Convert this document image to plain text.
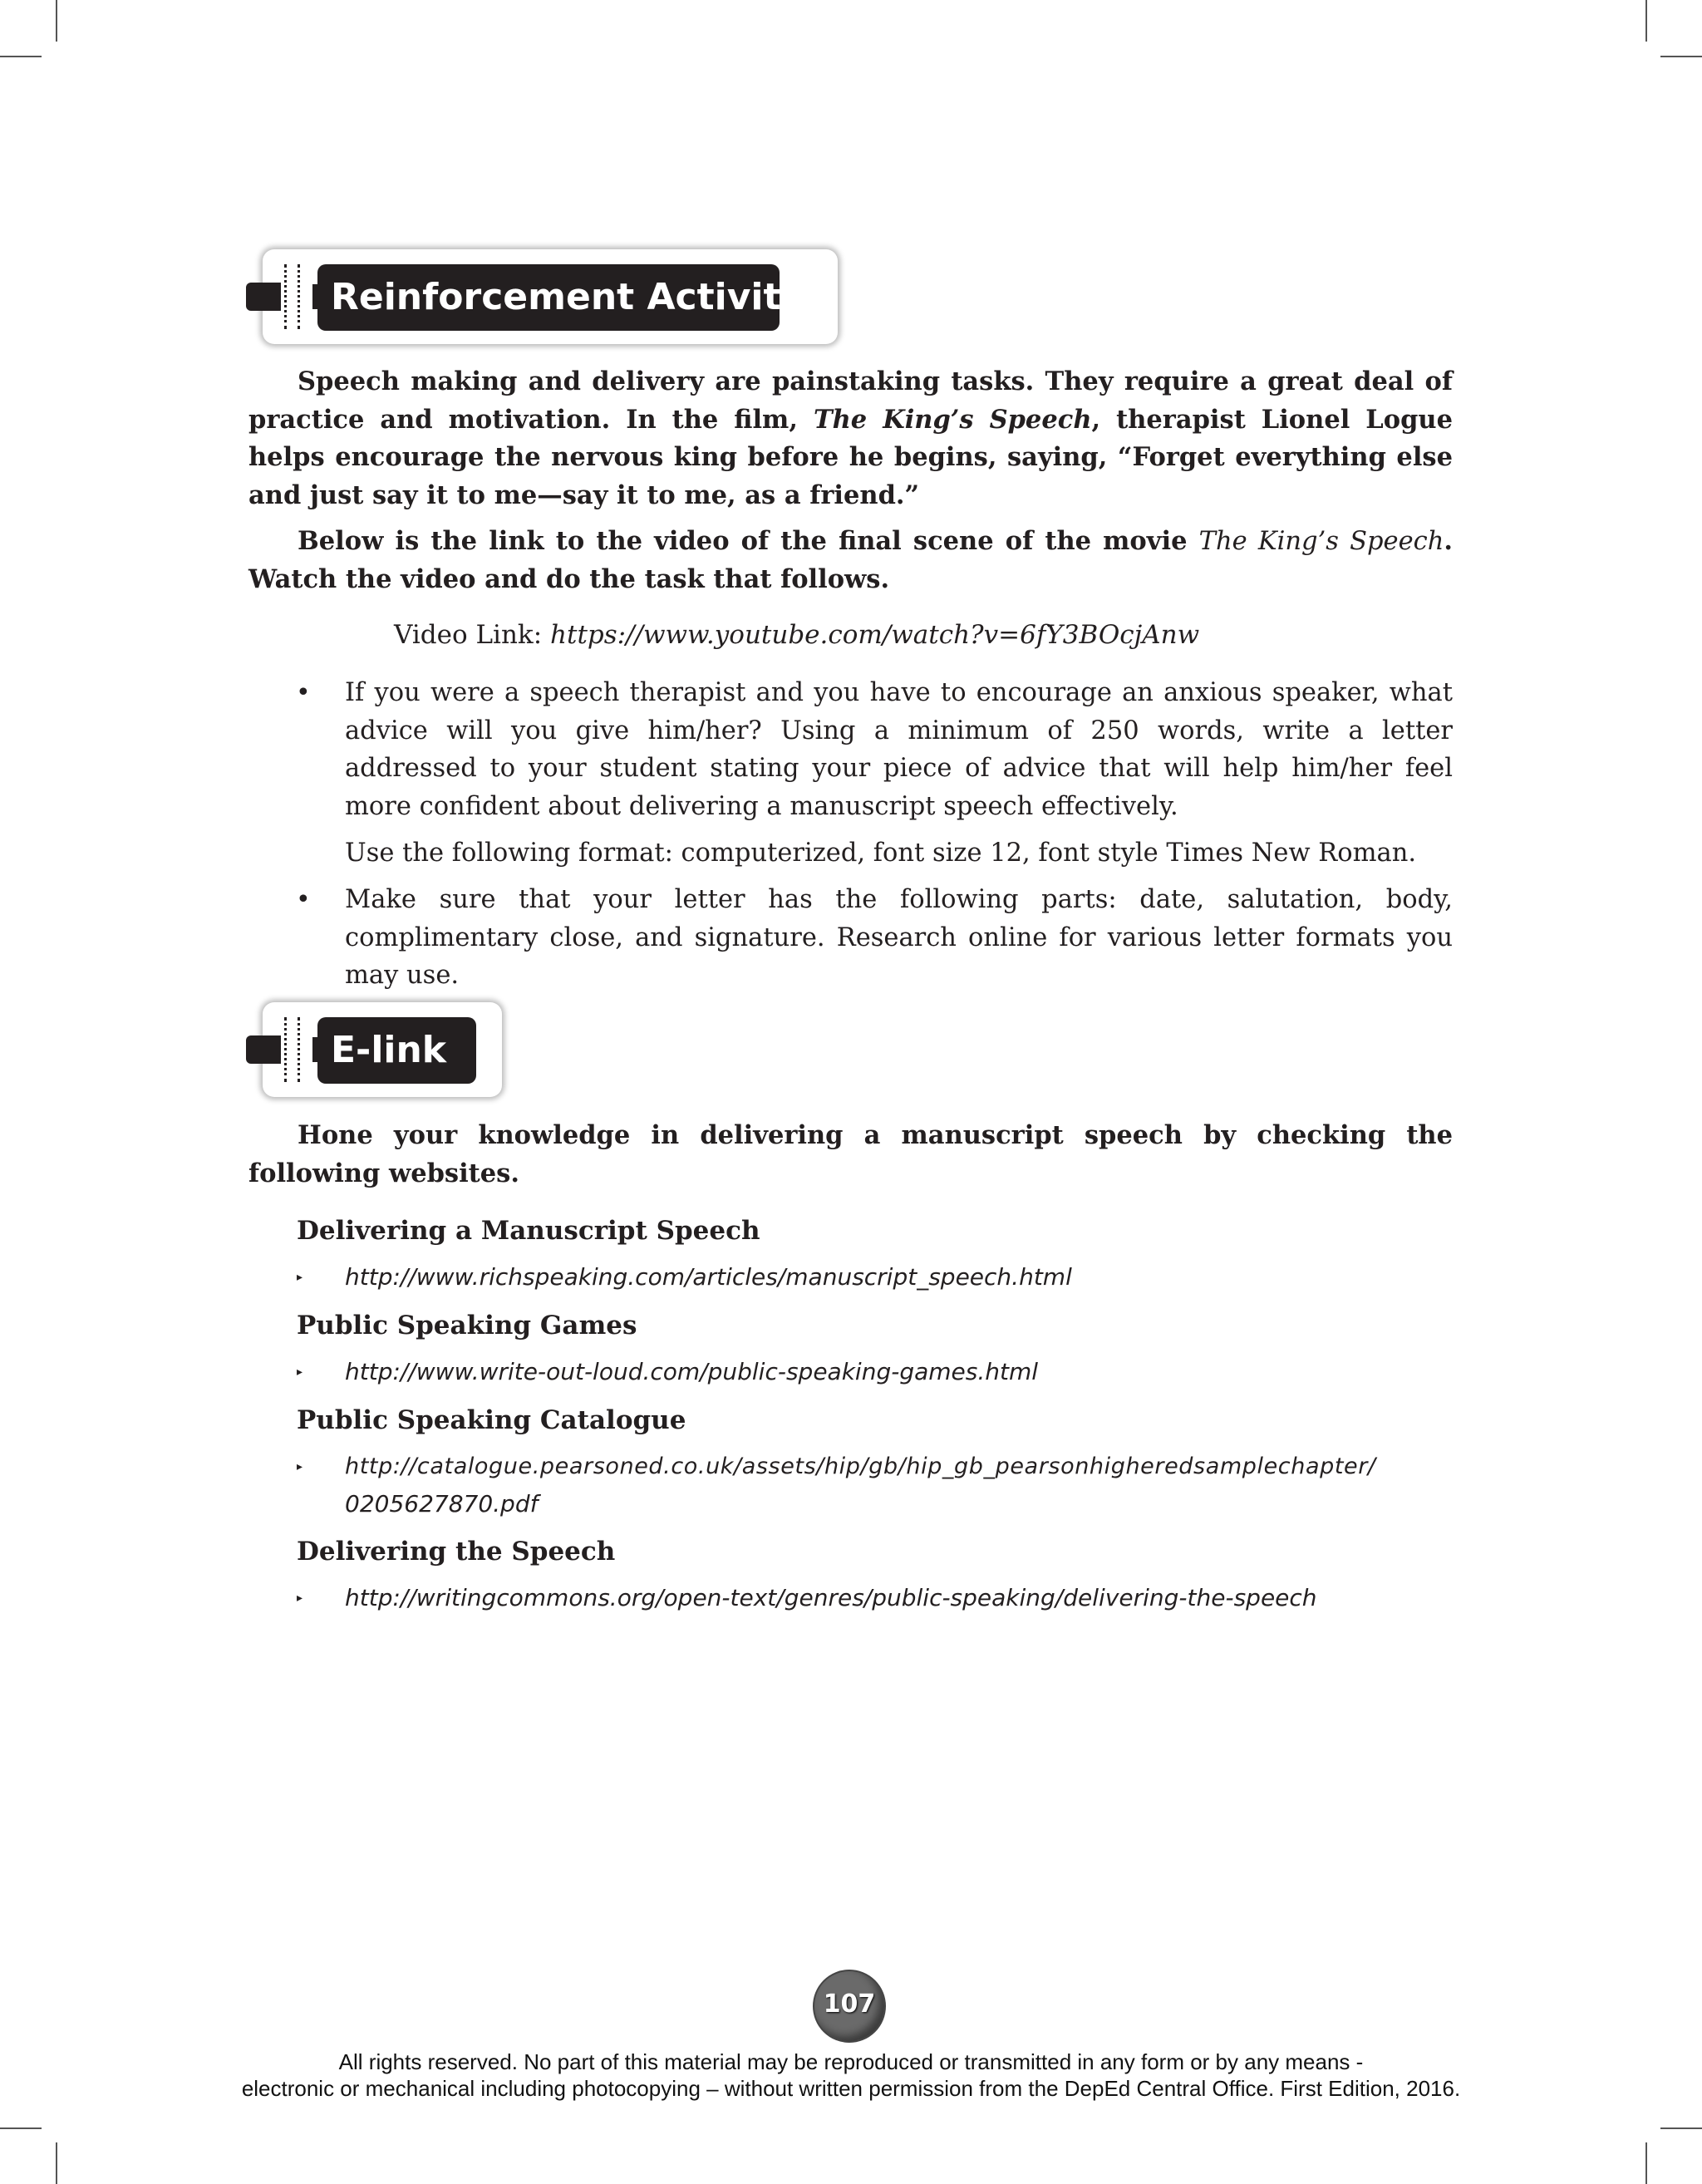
Reinforcement Activity

Speech making and delivery are painstaking tasks. They require a great deal of practice and motivation. In the film, The King’s Speech, therapist Lionel Logue helps encourage the nervous king before he begins, saying, “Forget everything else and just say it to me—say it to me, as a friend.”

Below is the link to the video of the final scene of the movie The King’s Speech. Watch the video and do the task that follows.

Video Link: https://www.youtube.com/watch?v=6fY3BOcjAnw
• If you were a speech therapist and you have to encourage an anxious speaker, what advice will you give him/her? Using a minimum of 250 words, write a letter addressed to your student stating your piece of advice that will help him/her feel more confident about delivering a manuscript speech effectively.

Use the following format: computerized, font size 12, font style Times New Roman.

• Make sure that your letter has the following parts: date, salutation, body, complimentary close, and signature. Research online for various letter formats you may use.

E-link

Hone your knowledge in delivering a manuscript speech by checking the following websites.

Delivering a Manuscript Speech
▸ http://www.richspeaking.com/articles/manuscript_speech.html
Public Speaking Games
▸ http://www.write-out-loud.com/public-speaking-games.html
Public Speaking Catalogue
▸ http://catalogue.pearsoned.co.uk/assets/hip/gb/hip_gb_pearsonhigheredsamplechapter/
0205627870.pdf
Delivering the Speech
▸ http://writingcommons.org/open-text/genres/public-speaking/delivering-the-speech
107
All rights reserved. No part of this material may be reproduced or transmitted in any form or by any means -
electronic or mechanical including photocopying – without written permission from the DepEd Central Office. First Edition, 2016.
